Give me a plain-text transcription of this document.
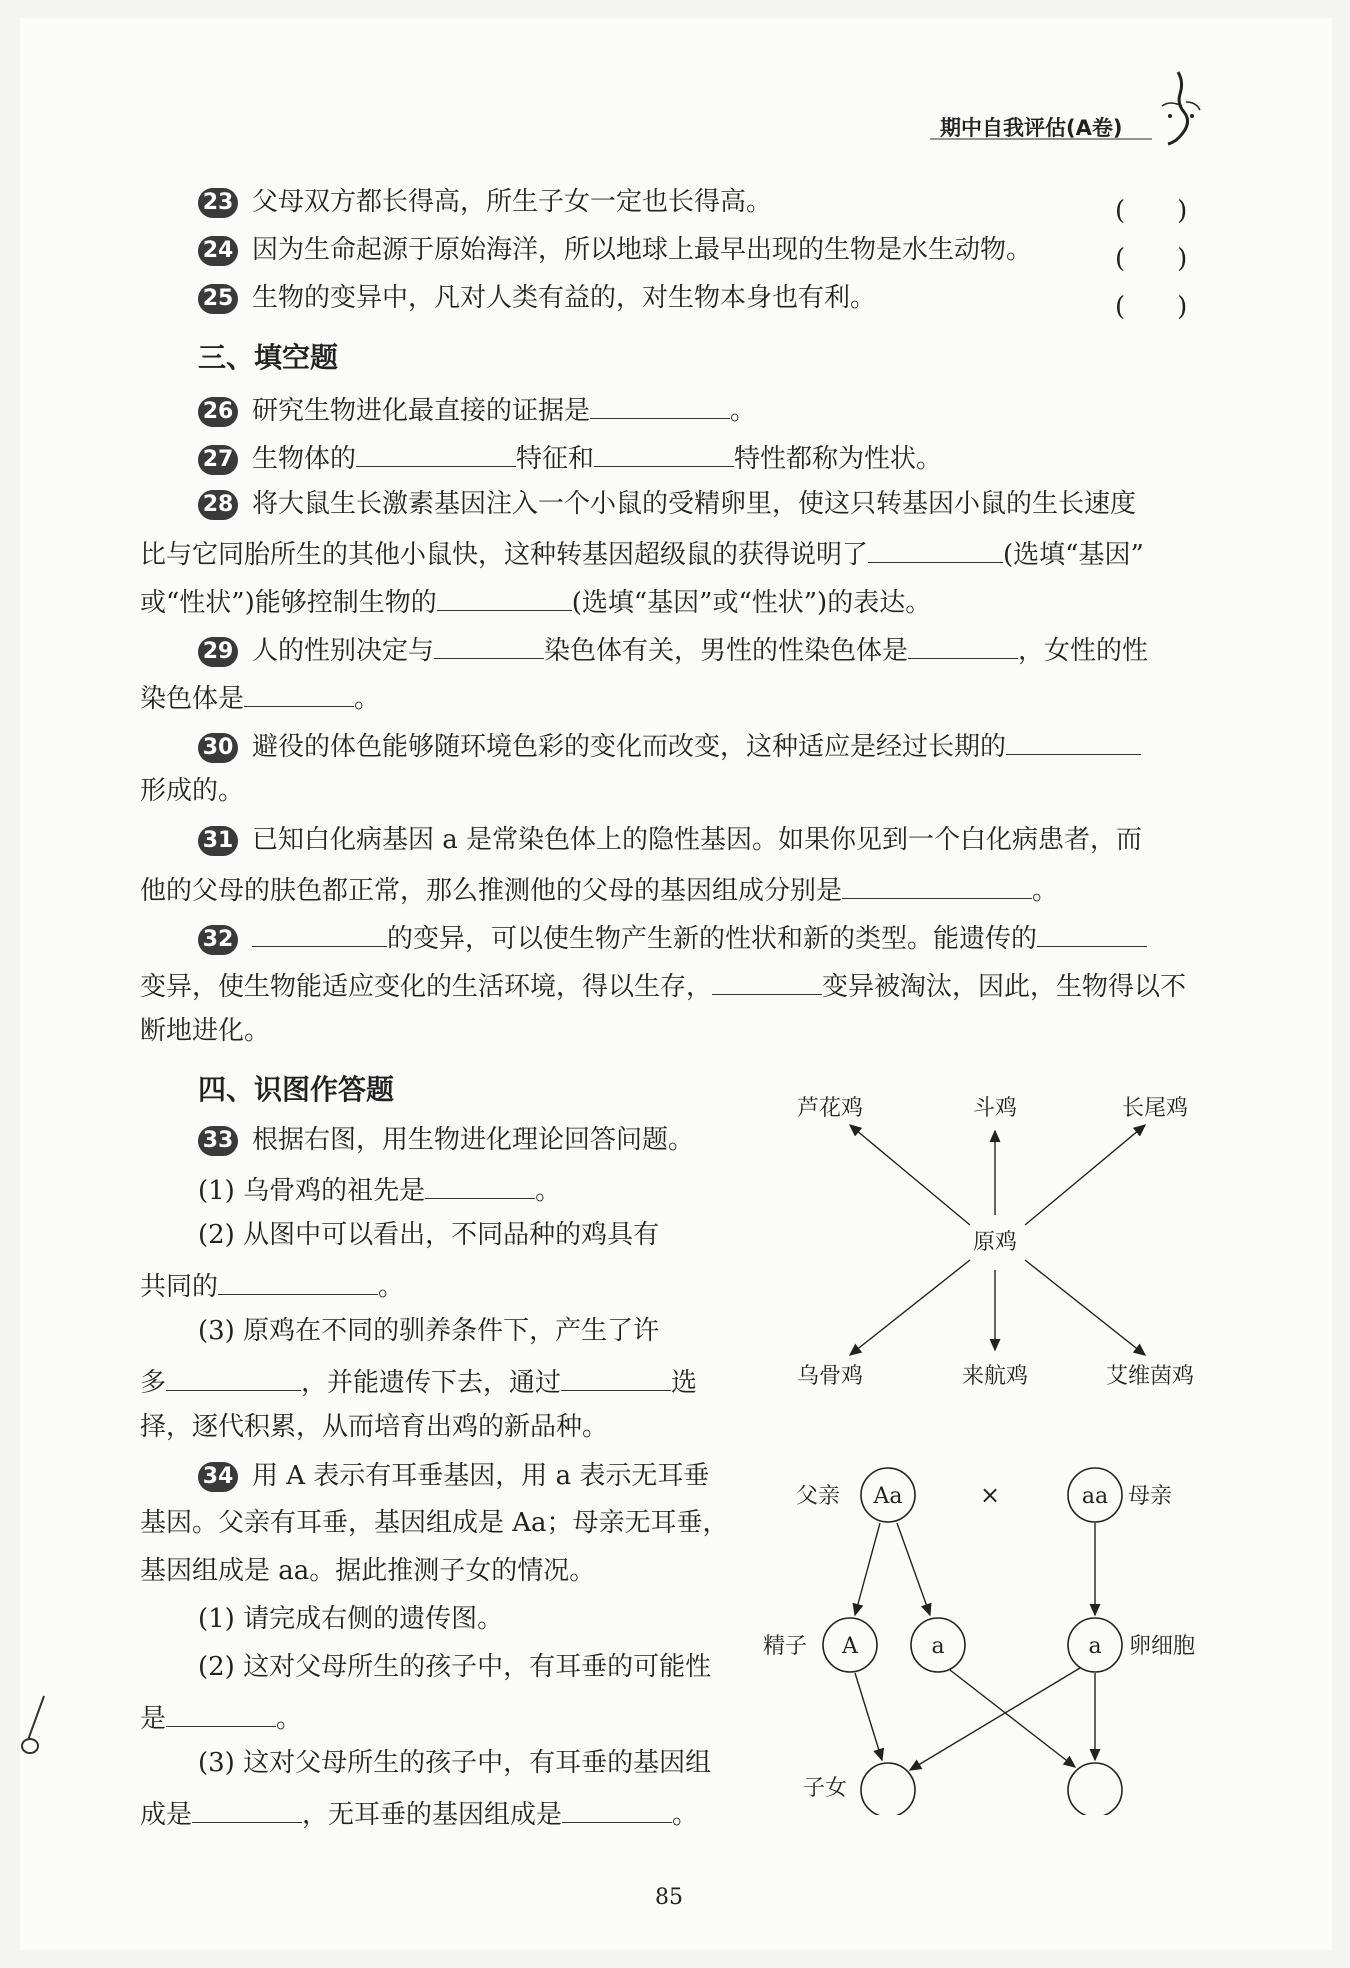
期中自我评估(A卷)
23 父母双方都长得高，所生子女一定也长得高。	(　　)
24 因为生命起源于原始海洋，所以地球上最早出现的生物是水生动物。	(　　)
25 生物的变异中，凡对人类有益的，对生物本身也有利。	(　　)
三、填空题
26 研究生物进化最直接的证据是	。
27 生物体的	特征和	特性都称为性状。
28 将大鼠生长激素基因注入一个小鼠的受精卵里，使这只转基因小鼠的生长速度
比与它同胎所生的其他小鼠快，这种转基因超级鼠的获得说明了	(选填“基因”
或“性状”)能够控制生物的	(选填“基因”或“性状”)的表达。
29 人的性别决定与	染色体有关，男性的性染色体是	，女性的性
染色体是	。
30 避役的体色能够随环境色彩的变化而改变，这种适应是经过长期的
形成的。
31 已知白化病基因 a 是常染色体上的隐性基因。如果你见到一个白化病患者，而
他的父母的肤色都正常，那么推测他的父母的基因组成分别是	。
32	的变异，可以使生物产生新的性状和新的类型。能遗传的
变异，使生物能适应变化的生活环境，得以生存，	变异被淘汰，因此，生物得以不
断地进化。
四、识图作答题
33 根据右图，用生物进化理论回答问题。
(1) 乌骨鸡的祖先是	。
(2) 从图中可以看出，不同品种的鸡具有
共同的	。
(3) 原鸡在不同的驯养条件下，产生了许
多	，并能遗传下去，通过	选
择，逐代积累，从而培育出鸡的新品种。
34 用 A 表示有耳垂基因，用 a 表示无耳垂
基因。父亲有耳垂，基因组成是 Aa；母亲无耳垂，
基因组成是 aa。据此推测子女的情况。
(1) 请完成右侧的遗传图。
(2) 这对父母所生的孩子中，有耳垂的可能性
是	。
(3) 这对父母所生的孩子中，有耳垂的基因组
成是	，无耳垂的基因组成是	。
原鸡
芦花鸡	斗鸡	长尾鸡
乌骨鸡	来航鸡	艾维茵鸡
父亲 Aa	×	aa 母亲
精子 A	a	a 卵细胞
子女
85
